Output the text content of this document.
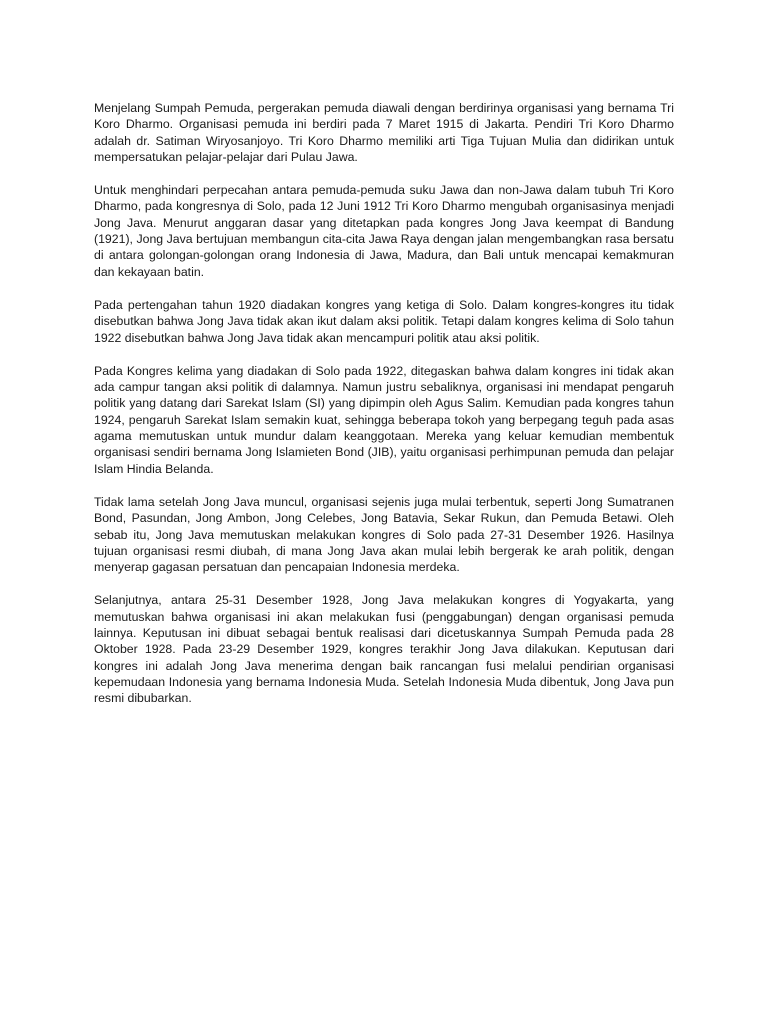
Menjelang Sumpah Pemuda, pergerakan pemuda diawali dengan berdirinya organisasi yang bernama Tri Koro Dharmo. Organisasi pemuda ini berdiri pada 7 Maret 1915 di Jakarta. Pendiri Tri Koro Dharmo adalah dr. Satiman Wiryosanjoyo. Tri Koro Dharmo memiliki arti Tiga Tujuan Mulia dan didirikan untuk mempersatukan pelajar-pelajar dari Pulau Jawa.

Untuk menghindari perpecahan antara pemuda-pemuda suku Jawa dan non-Jawa dalam tubuh Tri Koro Dharmo, pada kongresnya di Solo, pada 12 Juni 1912 Tri Koro Dharmo mengubah organisasinya menjadi Jong Java. Menurut anggaran dasar yang ditetapkan pada kongres Jong Java keempat di Bandung (1921), Jong Java bertujuan membangun cita-cita Jawa Raya dengan jalan mengembangkan rasa bersatu di antara golongan-golongan orang Indonesia di Jawa, Madura, dan Bali untuk mencapai kemakmuran dan kekayaan batin.

Pada pertengahan tahun 1920 diadakan kongres yang ketiga di Solo. Dalam kongres-kongres itu tidak disebutkan bahwa Jong Java tidak akan ikut dalam aksi politik. Tetapi dalam kongres kelima di Solo tahun 1922 disebutkan bahwa Jong Java tidak akan mencampuri politik atau aksi politik.

Pada Kongres kelima yang diadakan di Solo pada 1922, ditegaskan bahwa dalam kongres ini tidak akan ada campur tangan aksi politik di dalamnya. Namun justru sebaliknya, organisasi ini mendapat pengaruh politik yang datang dari Sarekat Islam (SI) yang dipimpin oleh Agus Salim. Kemudian pada kongres tahun 1924, pengaruh Sarekat Islam semakin kuat, sehingga beberapa tokoh yang berpegang teguh pada asas agama memutuskan untuk mundur dalam keanggotaan. Mereka yang keluar kemudian membentuk organisasi sendiri bernama Jong Islamieten Bond (JIB), yaitu organisasi perhimpunan pemuda dan pelajar Islam Hindia Belanda.

Tidak lama setelah Jong Java muncul, organisasi sejenis juga mulai terbentuk, seperti Jong Sumatranen Bond, Pasundan, Jong Ambon, Jong Celebes, Jong Batavia, Sekar Rukun, dan Pemuda Betawi. Oleh sebab itu, Jong Java memutuskan melakukan kongres di Solo pada 27-31 Desember 1926. Hasilnya tujuan organisasi resmi diubah, di mana Jong Java akan mulai lebih bergerak ke arah politik, dengan menyerap gagasan persatuan dan pencapaian Indonesia merdeka.

Selanjutnya, antara 25-31 Desember 1928, Jong Java melakukan kongres di Yogyakarta, yang memutuskan bahwa organisasi ini akan melakukan fusi (penggabungan) dengan organisasi pemuda lainnya. Keputusan ini dibuat sebagai bentuk realisasi dari dicetuskannya Sumpah Pemuda pada 28 Oktober 1928. Pada 23-29 Desember 1929, kongres terakhir Jong Java dilakukan. Keputusan dari kongres ini adalah Jong Java menerima dengan baik rancangan fusi melalui pendirian organisasi kepemudaan Indonesia yang bernama Indonesia Muda. Setelah Indonesia Muda dibentuk, Jong Java pun resmi dibubarkan.
